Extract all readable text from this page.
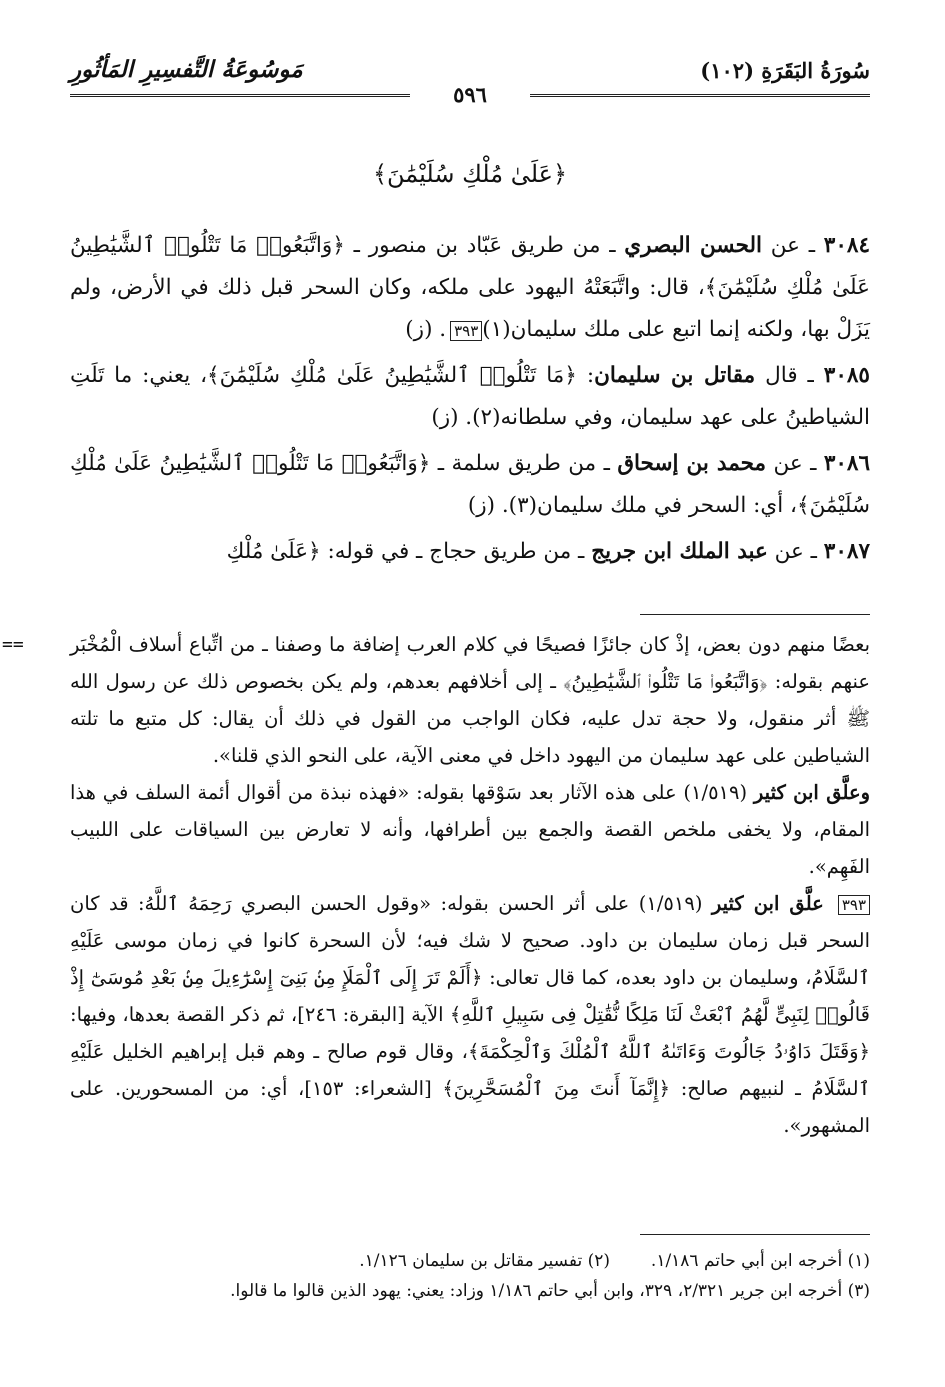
سُورَةُ البَقَرَةِ (١٠٢)
مَوسُوعَةُ التَّفسِيرِ المَأثُورِ
٥٩٦
﴿عَلَىٰ مُلْكِ سُلَيْمَٰنَ﴾

٣٠٨٤ ـ عن الحسن البصري ـ من طريق عَبّاد بن منصور ـ ﴿وَاتَّبَعُوا۟ مَا تَتْلُوا۟ ٱلشَّيَٰطِينُ عَلَىٰ مُلْكِ سُلَيْمَٰنَ﴾، قال: واتَّبَعَتْهُ اليهود على ملكه، وكان السحر قبل ذلك في الأرض، ولم يَزَلْ بها، ولكنه إنما اتبع على ملك سليمان(١)٣٩٣. (ز)

٣٠٨٥ ـ قال مقاتل بن سليمان: ﴿مَا تَتْلُوا۟ ٱلشَّيَٰطِينُ عَلَىٰ مُلْكِ سُلَيْمَٰنَ﴾، يعني: ما تَلَتِ الشياطينُ على عهد سليمان، وفي سلطانه(٢). (ز)

٣٠٨٦ ـ عن محمد بن إسحاق ـ من طريق سلمة ـ ﴿وَاتَّبَعُوا۟ مَا تَتْلُوا۟ ٱلشَّيَٰطِينُ عَلَىٰ مُلْكِ سُلَيْمَٰنَ﴾، أي: السحر في ملك سليمان(٣). (ز)

٣٠٨٧ ـ عن عبد الملك ابن جريج ـ من طريق حجاج ـ في قوله: ﴿عَلَىٰ مُلْكِ

== بعضًا منهم دون بعض، إذْ كان جائزًا فصيحًا في كلام العرب إضافة ما وصفنا ـ من اتِّباع أسلاف الْمُخْبَر عنهم بقوله: ﴿وَاتَّبَعُوا۟ مَا تَتْلُوا۟ ٱلشَّيَٰطِينُ﴾ ـ إلى أخلافهم بعدهم، ولم يكن بخصوص ذلك عن رسول الله ﷺ أثر منقول، ولا حجة تدل عليه، فكان الواجب من القول في ذلك أن يقال: كل متبع ما تلته الشياطين على عهد سليمان من اليهود داخل في معنى الآية، على النحو الذي قلنا».

وعلَّق ابن كثير (١/٥١٩) على هذه الآثار بعد سَوْقها بقوله: «فهذه نبذة من أقوال أئمة السلف في هذا المقام، ولا يخفى ملخص القصة والجمع بين أطرافها، وأنه لا تعارض بين السياقات على اللبيب الفَهِم».

٣٩٣ علَّق ابن كثير (١/٥١٩) على أثر الحسن بقوله: «وقول الحسن البصري رَحِمَهُ ٱللَّهُ: قد كان السحر قبل زمان سليمان بن داود. صحيح لا شك فيه؛ لأن السحرة كانوا في زمان موسى عَلَيْهِ ٱلسَّلَامُ، وسليمان بن داود بعده، كما قال تعالى: ﴿أَلَمْ تَرَ إِلَى ٱلْمَلَإِ مِنۢ بَنِىٓ إِسْرَٰٓءِيلَ مِنۢ بَعْدِ مُوسَىٰٓ إِذْ قَالُوا۟ لِنَبِىٍّ لَّهُمُ ٱبْعَثْ لَنَا مَلِكًا نُّقَٰتِلْ فِى سَبِيلِ ٱللَّهِ﴾ الآية [البقرة: ٢٤٦]، ثم ذكر القصة بعدها، وفيها: ﴿وَقَتَلَ دَاوُۥدُ جَالُوتَ وَءَاتَىٰهُ ٱللَّهُ ٱلْمُلْكَ وَٱلْحِكْمَةَ﴾، وقال قوم صالح ـ وهم قبل إبراهيم الخليل عَلَيْهِ ٱلسَّلَامُ ـ لنبيهم صالح: ﴿إِنَّمَآ أَنتَ مِنَ ٱلْمُسَحَّرِينَ﴾ [الشعراء: ١٥٣]، أي: من المسحورين. على المشهور».

(١) أخرجه ابن أبي حاتم ١/١٨٦.
(٢) تفسير مقاتل بن سليمان ١/١٢٦.
(٣) أخرجه ابن جرير ٢/٣٢١، ٣٢٩، وابن أبي حاتم ١/١٨٦ وزاد: يعني: يهود الذين قالوا ما قالوا.
